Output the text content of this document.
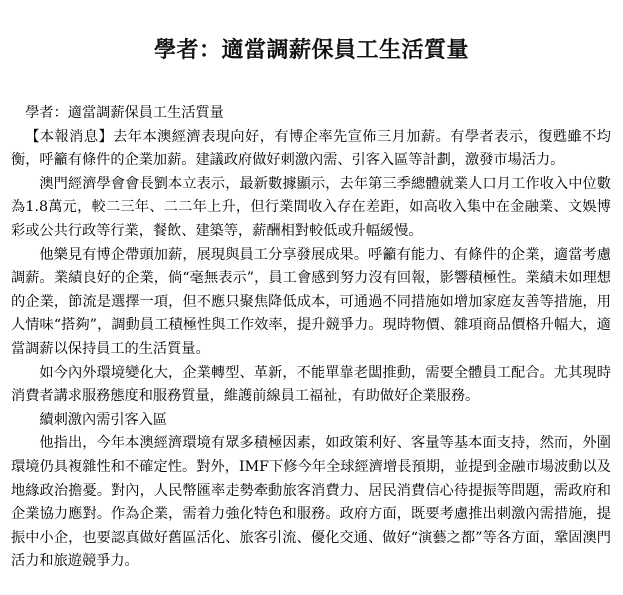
學者：適當調薪保員工生活質量

學者：適當調薪保員工生活質量

【本報消息】去年本澳經濟表現向好，有博企率先宣佈三月加薪。有學者表示，復甦雖不均衡，呼籲有條件的企業加薪。建議政府做好刺激內需、引客入區等計劃，激發市場活力。

澳門經濟學會會長劉本立表示，最新數據顯示，去年第三季總體就業人口月工作收入中位數為1.8萬元，較二三年、二二年上升，但行業間收入存在差距，如高收入集中在金融業、文娛博彩或公共行政等行業，餐飲、建築等，薪酬相對較低或升幅緩慢。

他樂見有博企帶頭加薪，展現與員工分享發展成果。呼籲有能力、有條件的企業，適當考慮調薪。業績良好的企業，倘“毫無表示”，員工會感到努力沒有回報，影響積極性。業績未如理想的企業，節流是選擇一項，但不應只聚焦降低成本，可通過不同措施如增加家庭友善等措施，用人情味“搭夠”，調動員工積極性與工作效率，提升競爭力。現時物價、雜項商品價格升幅大，適當調薪以保持員工的生活質量。

如今內外環境變化大，企業轉型、革新，不能單靠老闆推動，需要全體員工配合。尤其現時消費者講求服務態度和服務質量，維護前線員工福祉，有助做好企業服務。

續刺激內需引客入區

他指出，今年本澳經濟環境有眾多積極因素，如政策利好、客量等基本面支持，然而，外圍環境仍具複雜性和不確定性。對外，IMF下修今年全球經濟增長預期，並提到金融市場波動以及地緣政治擔憂。對內，人民幣匯率走勢牽動旅客消費力、居民消費信心待提振等問題，需政府和企業協力應對。作為企業，需着力強化特色和服務。政府方面，既要考慮推出刺激內需措施，提振中小企，也要認真做好舊區活化、旅客引流、優化交通、做好“演藝之都”等各方面，鞏固澳門活力和旅遊競爭力。
